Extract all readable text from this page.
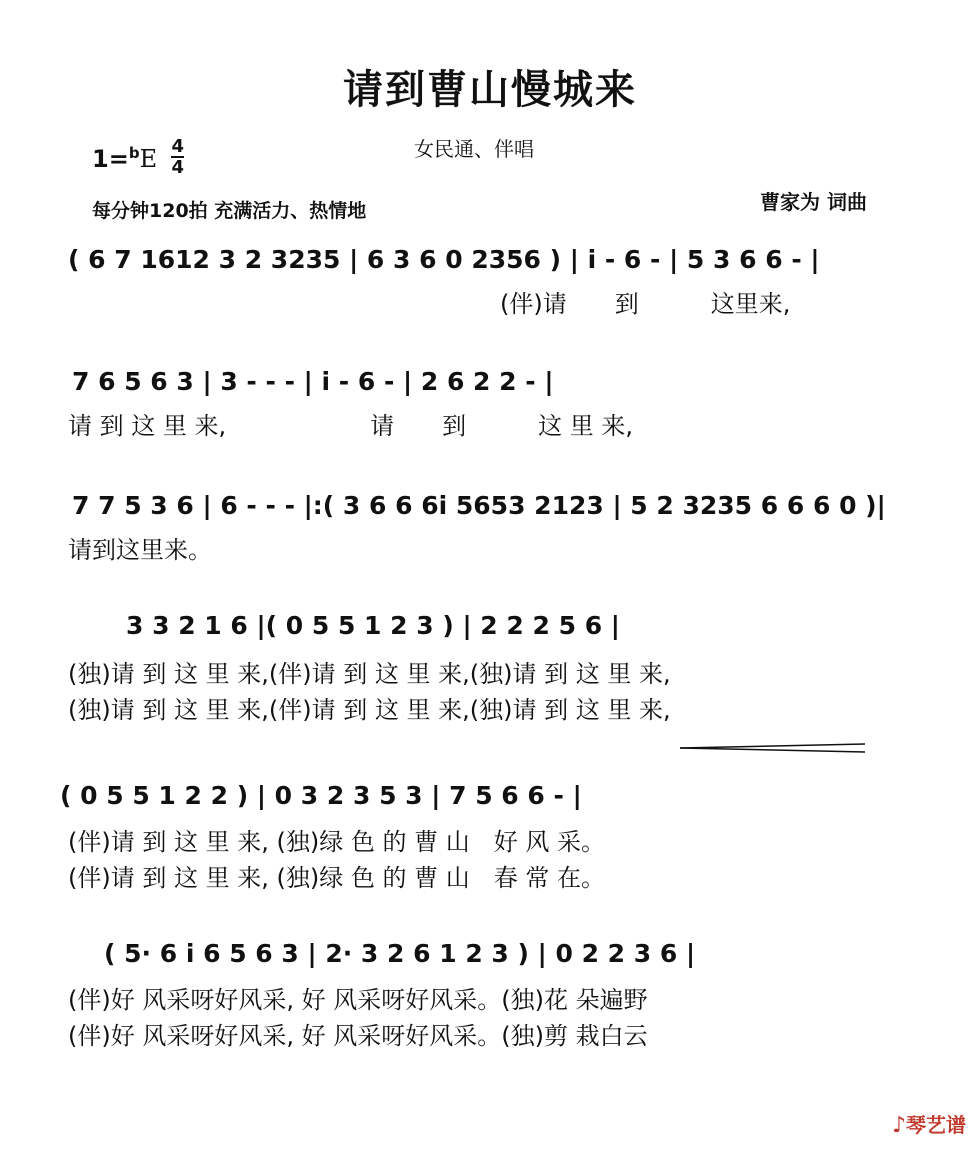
请到曹山慢城来
$1=^bE \frac{4}{4}$	女民通、伴唱
每分钟120拍 充满活力、热情地	曹家为 词曲
( 6 7 1612 3 2 3235 | 6 3 6 0 2356 ) | i - 6 - | 5 3 6 6 - |
(伴)请　　到　　　这里来,
7 6 5 6 3 | 3 - - - | i - 6 - | 2 6 2 2 - |
请 到 这 里 来,　　　　　　请　　到　　　这 里 来,
7 7 5 3 6 | 6 - - - |:( 3 6 6 6i 5653 2123 | 5 2 3235 6 6 6 0 )|
请到这里来。
3 3 2 1 6 |( 0 5 5 1 2 3 ) | 2 2 2 5 6 |
(独)请 到 这 里 来,(伴)请 到 这 里 来,(独)请 到 这 里 来,
(独)请 到 这 里 来,(伴)请 到 这 里 来,(独)请 到 这 里 来,
( 0 5 5 1 2 2 ) | 0 3 2 3 5 3 | 7 5 6 6 - |
(伴)请 到 这 里 来, (独)绿 色 的 曹 山　好 风 采。
(伴)请 到 这 里 来, (独)绿 色 的 曹 山　春 常 在。
( 5· 6 i 6 5 6 3 | 2· 3 2 6 1 2 3 ) | 0 2 2 3 6 |
(伴)好 风采呀好风采, 好 风采呀好风采。(独)花 朵遍野
(伴)好 风采呀好风采, 好 风采呀好风采。(独)剪 栽白云
♪琴艺谱
